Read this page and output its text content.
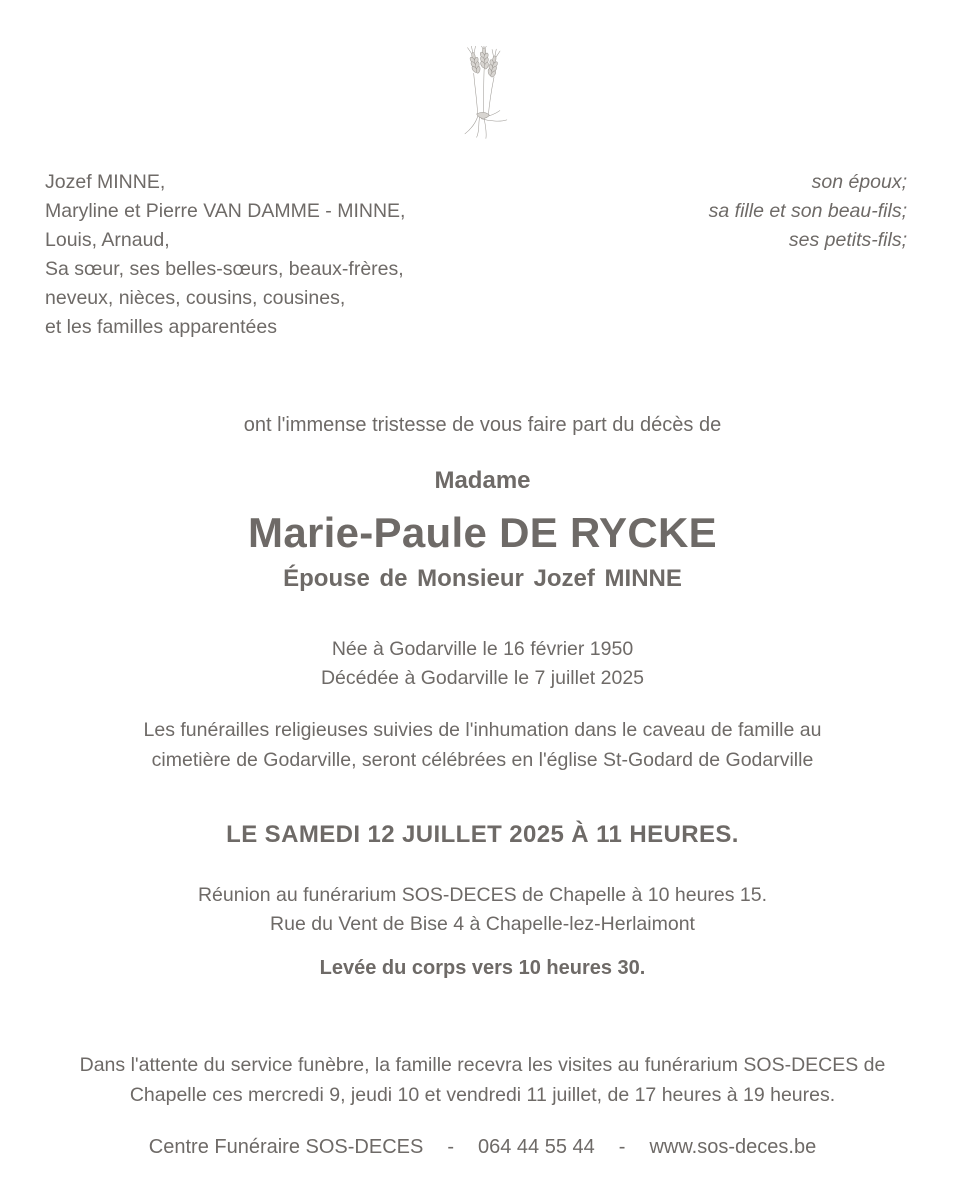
Jozef MINNE,
Maryline et Pierre VAN DAMME - MINNE,
Louis, Arnaud,
Sa sœur, ses belles-sœurs, beaux-frères,
neveux, nièces, cousins, cousines,
et les familles apparentées
son époux;
sa fille et son beau-fils;
ses petits-fils;
ont l'immense tristesse de vous faire part du décès de
Madame
Marie-Paule DE RYCKE
Épouse de Monsieur Jozef MINNE
Née à Godarville le 16 février 1950
Décédée à Godarville le 7 juillet 2025
Les funérailles religieuses suivies de l'inhumation dans le caveau de famille au
cimetière de Godarville, seront célébrées en l'église St-Godard de Godarville
LE SAMEDI 12 JUILLET 2025 À 11 HEURES.
Réunion au funérarium SOS-DECES de Chapelle à 10 heures 15.
Rue du Vent de Bise 4 à Chapelle-lez-Herlaimont
Levée du corps vers 10 heures 30.
Dans l'attente du service funèbre, la famille recevra les visites au funérarium SOS-DECES de
Chapelle ces mercredi 9, jeudi 10 et vendredi 11 juillet, de 17 heures à 19 heures.
Centre Funéraire SOS-DECES - 064 44 55 44 - www.sos-deces.be
